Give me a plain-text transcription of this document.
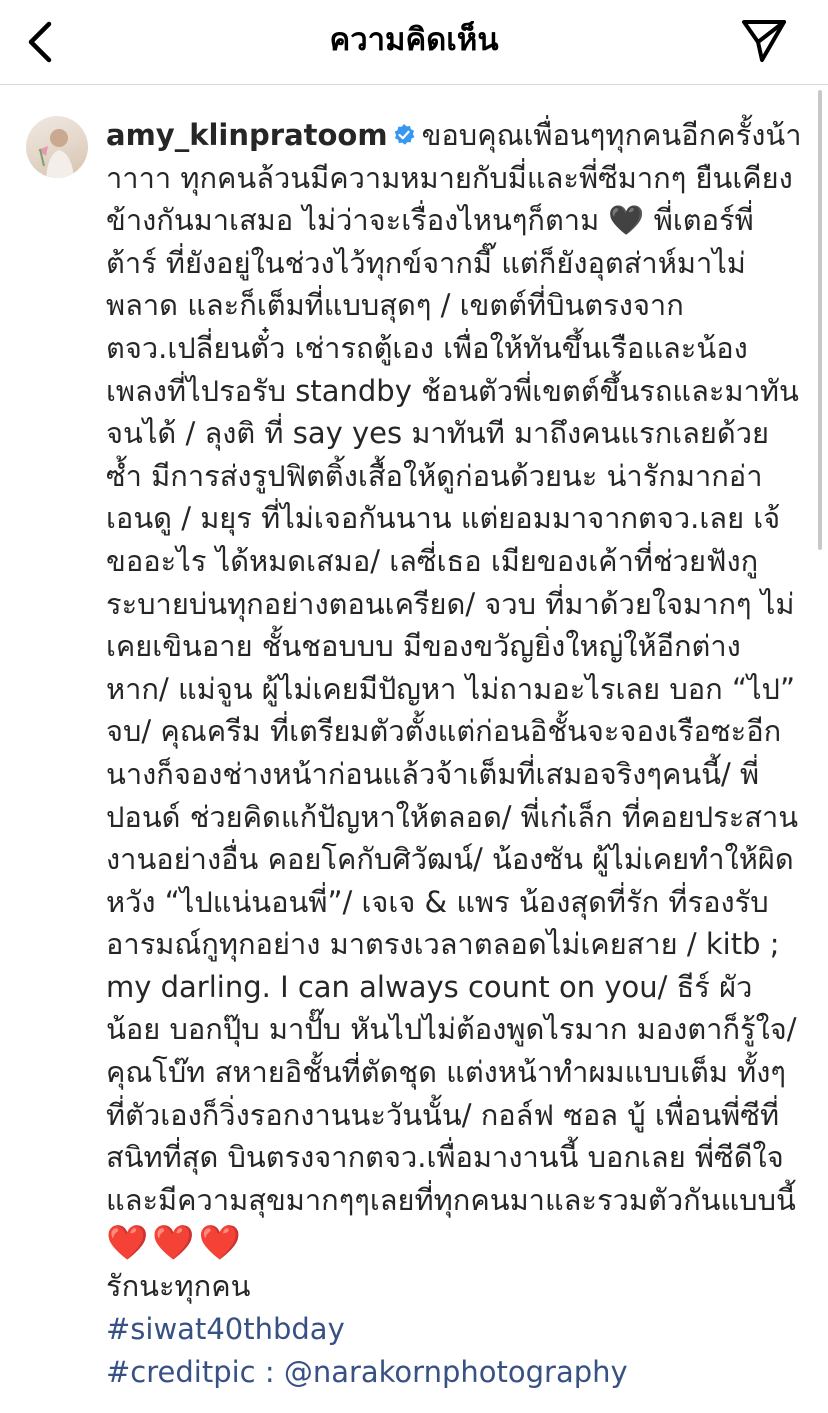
ความคิดเห็น

amy_klinpratoom ขอบคุณเพื่อนๆทุกคนอีกครั้งน้าาาาา ทุกคนล้วนมีความหมายกับมี่และพี่ซีมากๆ ยืนเคียงข้างกันมาเสมอ ไม่ว่าจะเรื่องไหนๆก็ตาม 🖤 พี่เตอร์พี่ต้าร์ ที่ยังอยู่ในช่วงไว้ทุกข์จากมี๊ แต่ก็ยังอุตส่าห์มาไม่พลาด และก็เต็มที่แบบสุดๆ / เขตต์ที่บินตรงจากตจว.เปลี่ยนตั๋ว เช่ารถตู้เอง เพื่อให้ทันขึ้นเรือและน้องเพลงที่ไปรอรับ standby ช้อนตัวพี่เขตต์ขึ้นรถและมาทันจนได้ / ลุงติ ที่ say yes มาทันที มาถึงคนแรกเลยด้วยซ้ำ มีการส่งรูปฟิตติ้งเสื้อให้ดูก่อนด้วยนะ น่ารักมากอ่า เอนดู / มยุร ที่ไม่เจอกันนาน แต่ยอมมาจากตจว.เลย เจ้ขออะไร ได้หมดเสมอ/ เลซี่เธอ เมียของเค้าที่ช่วยฟังกูระบายบ่นทุกอย่างตอนเครียด/ จวบ ที่มาด้วยใจมากๆ ไม่เคยเขินอาย ชั้นชอบบบ มีของขวัญยิ่งใหญ่ให้อีกต่างหาก/ แม่จูน ผู้ไม่เคยมีปัญหา ไม่ถามอะไรเลย บอก “ไป” จบ/ คุณครีม ที่เตรียมตัวตั้งแต่ก่อนอิชั้นจะจองเรือซะอีก นางก็จองช่างหน้าก่อนแล้วจ้าเต็มที่เสมอจริงๆคนนี้/ พี่ปอนด์ ช่วยคิดแก้ปัญหาให้ตลอด/ พี่เก๋เล็ก ที่คอยประสานงานอย่างอื่น คอยโคกับศิวัฒน์/ น้องซัน ผู้ไม่เคยทำให้ผิดหวัง “ไปแน่นอนพี่”/ เจเจ & แพร น้องสุดที่รัก ที่รองรับอารมณ์กูทุกอย่าง มาตรงเวลาตลอดไม่เคยสาย / kitb ; my darling. I can always count on you/ ธีร์ ผัวน้อย บอกปุ๊บ มาปั๊บ หันไปไม่ต้องพูดไรมาก มองตาก็รู้ใจ/ คุณโบ๊ท สหายอิชั้นที่ตัดชุด แต่งหน้าทำผมแบบเต็ม ทั้งๆที่ตัวเองก็วิ่งรอกงานนะวันนั้น/ กอล์ฟ ซอล บู้ เพื่อนพี่ซีที่สนิทที่สุด บินตรงจากตจว.เพื่อมางานนี้ บอกเลย พี่ซีดีใจ และมีความสุขมากๆๆเลยที่ทุกคนมาและรวมตัวกันแบบนี้

❤️❤️❤️

รักนะทุกคน

#siwat40thbday

#creditpic : @narakornphotography
